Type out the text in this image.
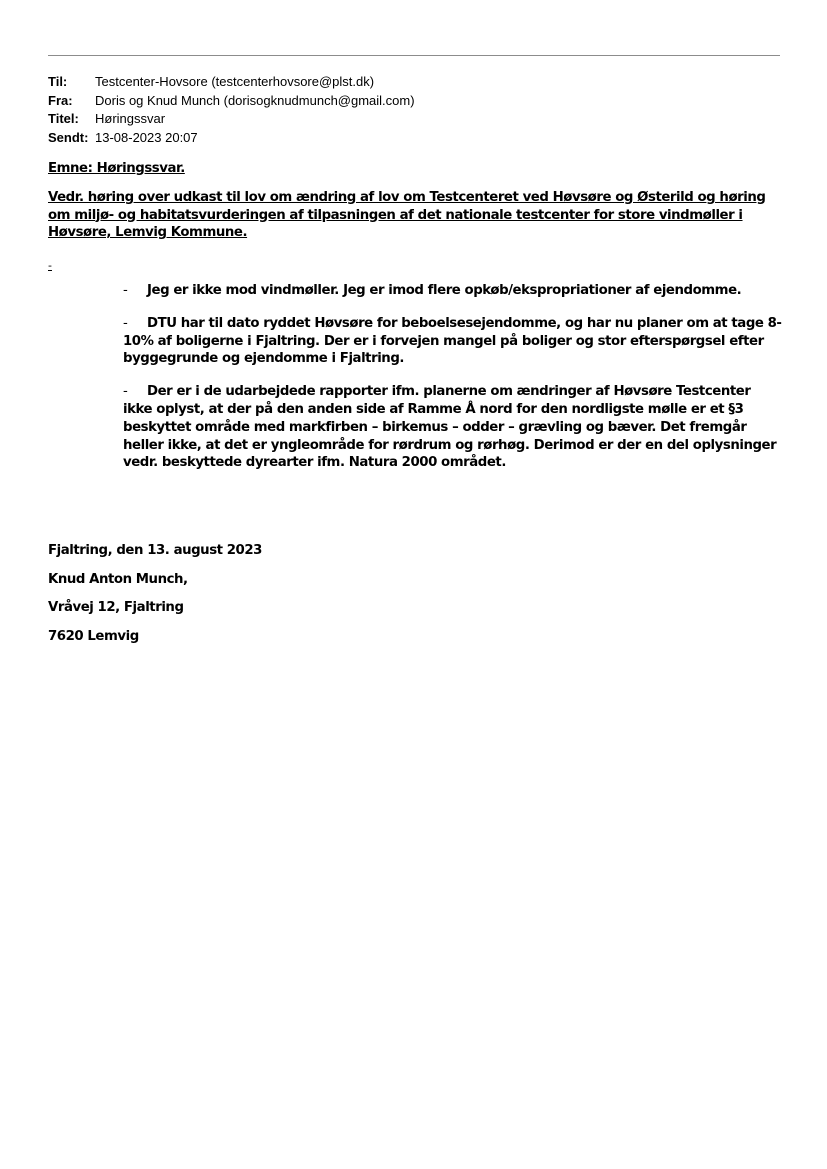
Til:	Testcenter-Hovsore (testcenterhovsore@plst.dk)
Fra:	Doris og Knud Munch (dorisogknudmunch@gmail.com)
Titel:	Høringssvar
Sendt: 13-08-2023 20:07
Emne: Høringssvar.
Vedr. høring over udkast til lov om ændring af lov om Testcenteret ved Høvsøre og Østerild og høring om miljø- og habitatsvurderingen af tilpasningen af det nationale testcenter for store vindmøller i Høvsøre, Lemvig Kommune.
-
- Jeg er ikke mod vindmøller. Jeg er imod flere opkøb/ekspropriationer af ejendomme.
- DTU har til dato ryddet Høvsøre for beboelsesejendomme, og har nu planer om at tage 8-10% af boligerne i Fjaltring. Der er i forvejen mangel på boliger og stor efterspørgsel efter byggegrunde og ejendomme i Fjaltring.
- Der er i de udarbejdede rapporter ifm. planerne om ændringer af Høvsøre Testcenter ikke oplyst, at der på den anden side af Ramme Å nord for den nordligste mølle er et §3 beskyttet område med markfirben – birkemus – odder – grævling og bæver. Det fremgår heller ikke, at det er yngleområde for rørdrum og rørhøg. Derimod er der en del oplysninger vedr. beskyttede dyrearter ifm. Natura 2000 området.
Fjaltring, den 13. august 2023
Knud Anton Munch,
Vråvej 12, Fjaltring
7620 Lemvig
